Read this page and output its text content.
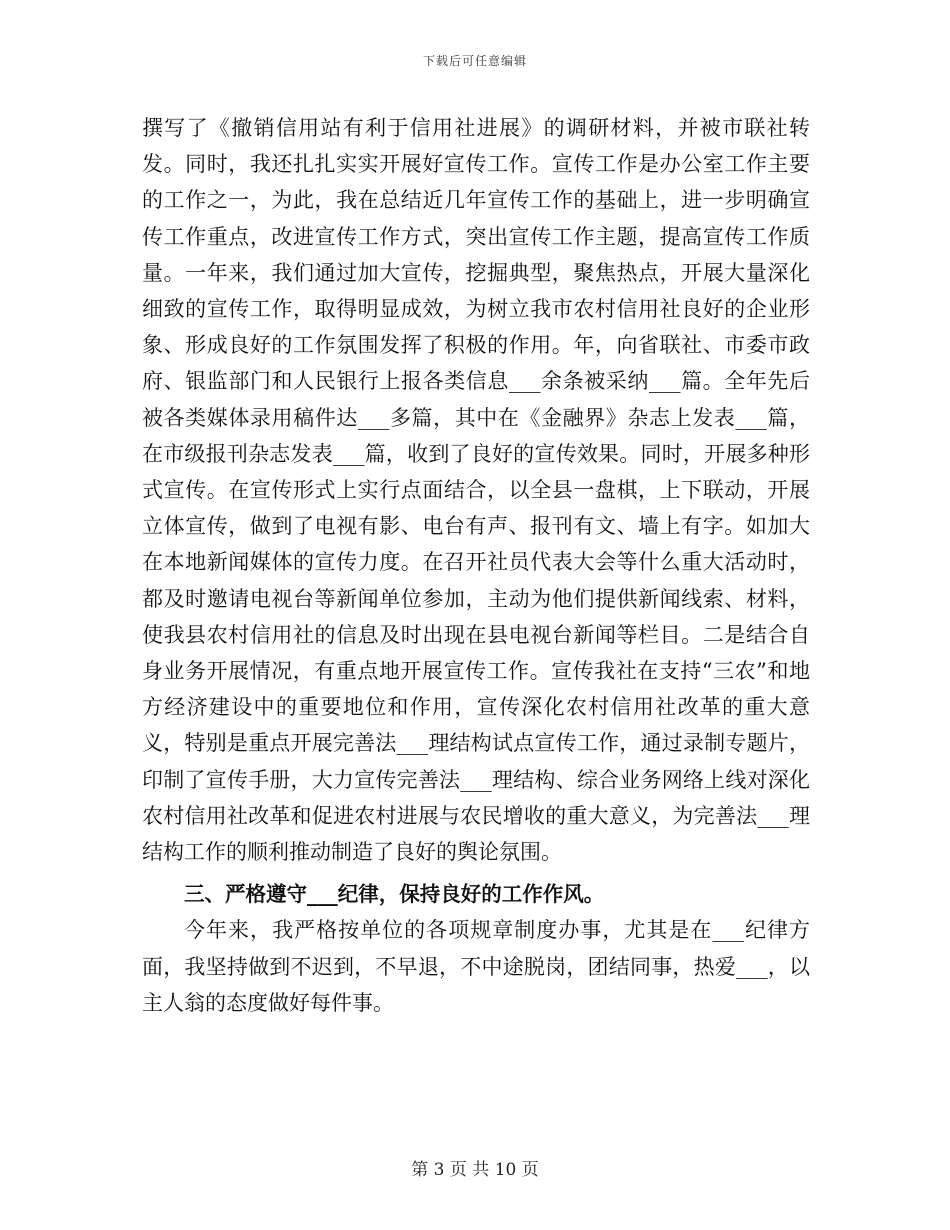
下载后可任意编辑

撰写了《撤销信用站有利于信用社进展》的调研材料，并被市联社转发。同时，我还扎扎实实开展好宣传工作。宣传工作是办公室工作主要的工作之一，为此，我在总结近几年宣传工作的基础上，进一步明确宣传工作重点，改进宣传工作方式，突出宣传工作主题，提高宣传工作质量。一年来，我们通过加大宣传，挖掘典型，聚焦热点，开展大量深化细致的宣传工作，取得明显成效，为树立我市农村信用社良好的企业形象、形成良好的工作氛围发挥了积极的作用。年，向省联社、市委市政府、银监部门和人民银行上报各类信息___余条被采纳___篇。全年先后被各类媒体录用稿件达___多篇，其中在《金融界》杂志上发表___篇，在市级报刊杂志发表___篇，收到了良好的宣传效果。同时，开展多种形式宣传。在宣传形式上实行点面结合，以全县一盘棋，上下联动，开展立体宣传，做到了电视有影、电台有声、报刊有文、墙上有字。如加大在本地新闻媒体的宣传力度。在召开社员代表大会等什么重大活动时，都及时邀请电视台等新闻单位参加，主动为他们提供新闻线索、材料，使我县农村信用社的信息及时出现在县电视台新闻等栏目。二是结合自身业务开展情况，有重点地开展宣传工作。宣传我社在支持“三农”和地方经济建设中的重要地位和作用，宣传深化农村信用社改革的重大意义，特别是重点开展完善法___理结构试点宣传工作，通过录制专题片，印制了宣传手册，大力宣传完善法___理结构、综合业务网络上线对深化农村信用社改革和促进农村进展与农民增收的重大意义，为完善法___理结构工作的顺利推动制造了良好的舆论氛围。

三、严格遵守___纪律，保持良好的工作作风。

今年来，我严格按单位的各项规章制度办事，尤其是在___纪律方面，我坚持做到不迟到，不早退，不中途脱岗，团结同事，热爱___，以主人翁的态度做好每件事。

第 3 页 共 10 页
